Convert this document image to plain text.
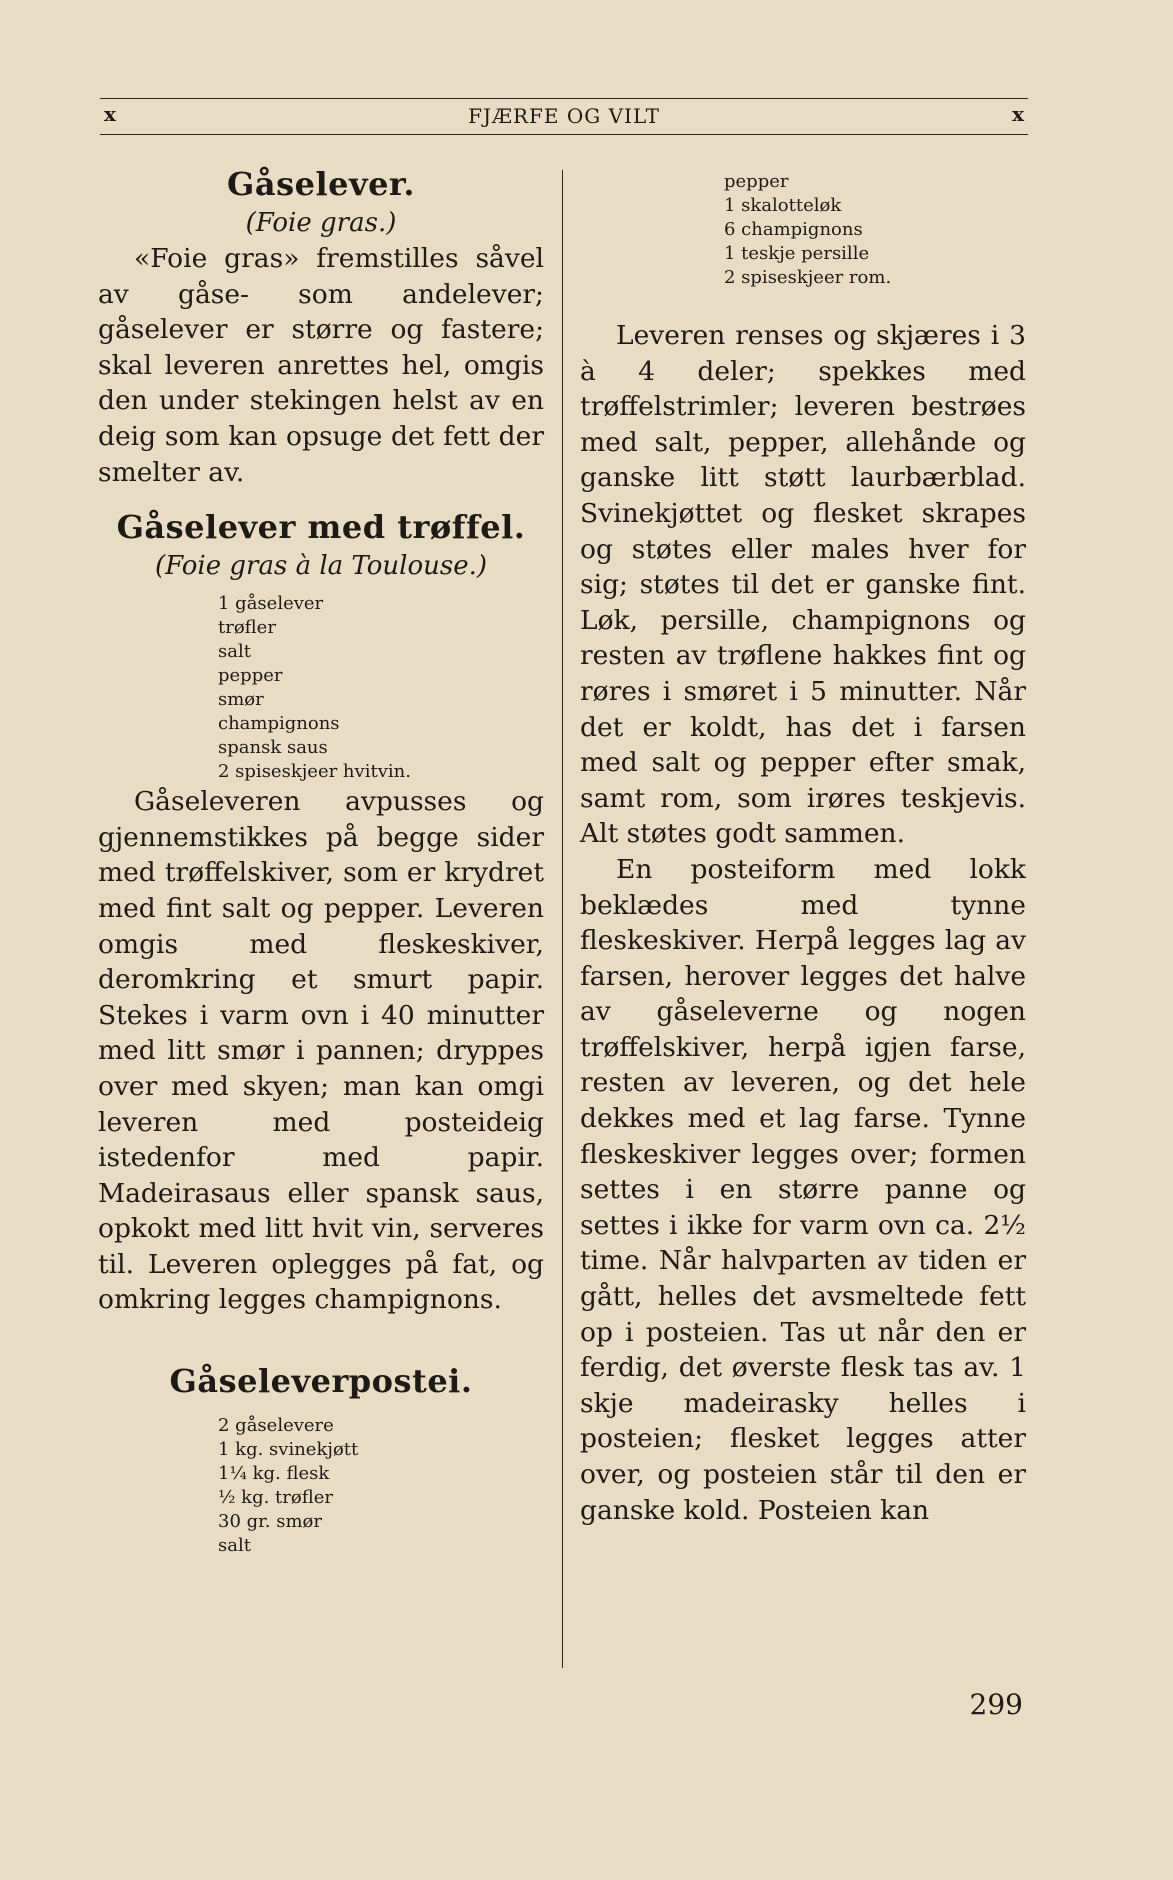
x	FJÆRFE OG VILT	x
Gåselever.
(Foie gras.)

«Foie gras» fremstilles såvel av gåse- som andelever; gåselever er større og fastere; skal leveren anrettes hel, omgis den under stekingen helst av en deig som kan opsuge det fett der smelter av.

Gåselever med trøffel.
(Foie gras à la Toulouse.)
1 gåselever
trøfler
salt
pepper
smør
champignons
spansk saus
2 spiseskjeer hvitvin.

Gåseleveren avpusses og gjennemstikkes på begge sider med trøffelskiver, som er krydret med fint salt og pepper. Leveren omgis med fleskeskiver, deromkring et smurt papir. Stekes i varm ovn i 40 minutter med litt smør i pannen; dryppes over med skyen; man kan omgi leveren med posteideig istedenfor med papir. Madeirasaus eller spansk saus, opkokt med litt hvit vin, serveres til. Leveren oplegges på fat, og omkring legges champignons.

Gåseleverpostei.
2 gåselevere
1 kg. svinekjøtt
1¼ kg. flesk
½ kg. trøfler
30 gr. smør
salt
pepper
1 skalotteløk
6 champignons
1 teskje persille
2 spiseskjeer rom.

Leveren renses og skjæres i 3 à 4 deler; spekkes med trøffelstrimler; leveren bestrøes med salt, pepper, allehånde og ganske litt støtt laurbærblad. Svinekjøttet og flesket skrapes og støtes eller males hver for sig; støtes til det er ganske fint. Løk, persille, champignons og resten av trøflene hakkes fint og røres i smøret i 5 minutter. Når det er koldt, has det i farsen med salt og pepper efter smak, samt rom, som irøres teskjevis. Alt støtes godt sammen.

En posteiform med lokk beklædes med tynne fleskeskiver. Herpå legges lag av farsen, herover legges det halve av gåseleverne og nogen trøffelskiver, herpå igjen farse, resten av leveren, og det hele dekkes med et lag farse. Tynne fleskeskiver legges over; formen settes i en større panne og settes i ikke for varm ovn ca. 2½ time. Når halvparten av tiden er gått, helles det avsmeltede fett op i posteien. Tas ut når den er ferdig, det øverste flesk tas av. 1 skje madeirasky helles i posteien; flesket legges atter over, og posteien står til den er ganske kold. Posteien kan

299
